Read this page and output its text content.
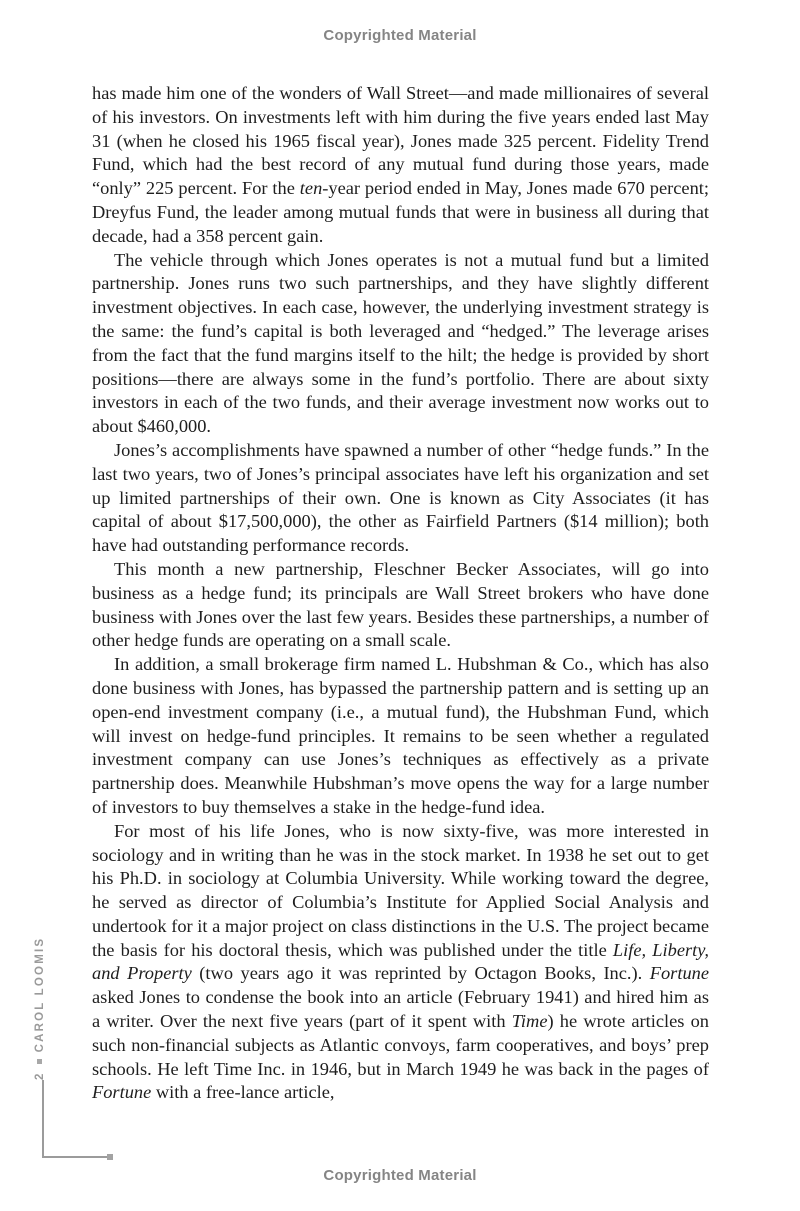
Copyrighted Material

has made him one of the wonders of Wall Street—and made millionaires of several of his investors. On investments left with him during the five years ended last May 31 (when he closed his 1965 fiscal year), Jones made 325 percent. Fidelity Trend Fund, which had the best record of any mutual fund during those years, made “only” 225 percent. For the ten-year period ended in May, Jones made 670 percent; Dreyfus Fund, the leader among mutual funds that were in business all during that decade, had a 358 percent gain.

The vehicle through which Jones operates is not a mutual fund but a limited partnership. Jones runs two such partnerships, and they have slightly different investment objectives. In each case, however, the underlying investment strategy is the same: the fund’s capital is both leveraged and “hedged.” The leverage arises from the fact that the fund margins itself to the hilt; the hedge is provided by short positions—there are always some in the fund’s portfolio. There are about sixty investors in each of the two funds, and their average investment now works out to about $460,000.

Jones’s accomplishments have spawned a number of other “hedge funds.” In the last two years, two of Jones’s principal associates have left his organization and set up limited partnerships of their own. One is known as City Associates (it has capital of about $17,500,000), the other as Fairfield Partners ($14 million); both have had outstanding performance records.

This month a new partnership, Fleschner Becker Associates, will go into business as a hedge fund; its principals are Wall Street brokers who have done business with Jones over the last few years. Besides these partnerships, a number of other hedge funds are operating on a small scale.

In addition, a small brokerage firm named L. Hubshman & Co., which has also done business with Jones, has bypassed the partnership pattern and is setting up an open-end investment company (i.e., a mutual fund), the Hubshman Fund, which will invest on hedge-fund principles. It remains to be seen whether a regulated investment company can use Jones’s techniques as effectively as a private partnership does. Meanwhile Hubshman’s move opens the way for a large number of investors to buy themselves a stake in the hedge-fund idea.

For most of his life Jones, who is now sixty-five, was more interested in sociology and in writing than he was in the stock market. In 1938 he set out to get his Ph.D. in sociology at Columbia University. While working toward the degree, he served as director of Columbia’s Institute for Applied Social Analysis and undertook for it a major project on class distinctions in the U.S. The project became the basis for his doctoral thesis, which was published under the title Life, Liberty, and Property (two years ago it was reprinted by Octagon Books, Inc.). Fortune asked Jones to condense the book into an article (February 1941) and hired him as a writer. Over the next five years (part of it spent with Time) he wrote articles on such non-financial subjects as Atlantic convoys, farm cooperatives, and boys’ prep schools. He left Time Inc. in 1946, but in March 1949 he was back in the pages of Fortune with a free-lance article,

2CAROL LOOMIS
Copyrighted Material
